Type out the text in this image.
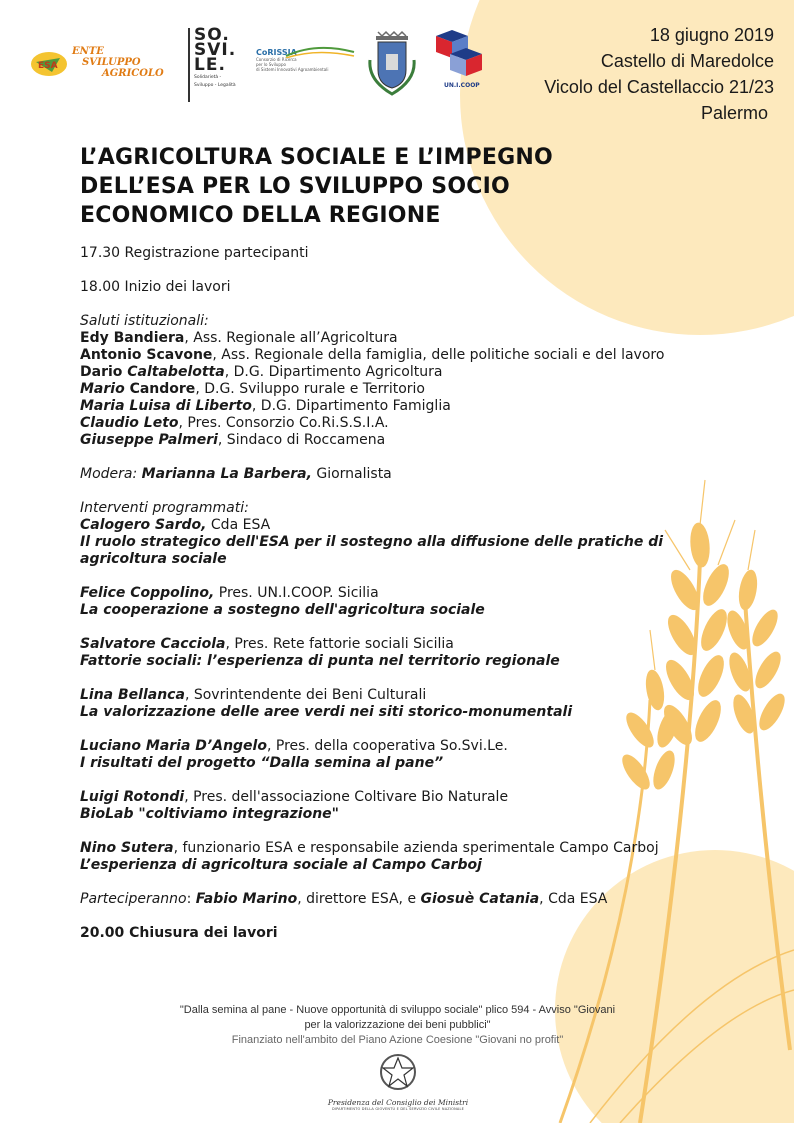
ESA
ENTE
SVILUPPO
AGRICOLO
SO.
SVI.
LE.
Solidarietà -
Sviluppo - Legalità
CoRISSIA
Consorzio di Ricerca
per lo Sviluppo
di Sistemi Innovativi Agroambientali
UN.I.COOP
18 giugno 2019
Castello di Maredolce
Vicolo del Castellaccio 21/23
Palermo
L’AGRICOLTURA SOCIALE E L’IMPEGNO DELL’ESA PER LO SVILUPPO SOCIO ECONOMICO DELLA REGIONE

17.30 Registrazione partecipanti

18.00 Inizio dei lavori

Saluti istituzionali:

Edy Bandiera, Ass. Regionale all’Agricoltura

Antonio Scavone, Ass. Regionale della famiglia, delle politiche sociali e del lavoro

Dario Caltabelotta, D.G. Dipartimento Agricoltura

Mario Candore, D.G. Sviluppo rurale e Territorio

Maria Luisa di Liberto, D.G. Dipartimento Famiglia

Claudio Leto, Pres. Consorzio Co.Ri.S.S.I.A.

Giuseppe Palmeri, Sindaco di Roccamena

Modera: Marianna La Barbera, Giornalista

Interventi programmati:

Calogero Sardo, Cda ESA

Il ruolo strategico dell'ESA per il sostegno alla diffusione delle pratiche di agricoltura sociale

Felice Coppolino, Pres. UN.I.COOP. Sicilia

La cooperazione a sostegno dell'agricoltura sociale

Salvatore Cacciola, Pres. Rete fattorie sociali Sicilia

Fattorie sociali: l’esperienza di punta nel territorio regionale

Lina Bellanca, Sovrintendente dei Beni Culturali

La valorizzazione delle aree verdi nei siti storico-monumentali

Luciano Maria D’Angelo, Pres. della cooperativa So.Svi.Le.

I risultati del progetto “Dalla semina al pane”

Luigi Rotondi, Pres. dell'associazione Coltivare Bio Naturale

BioLab "coltiviamo integrazione"

Nino Sutera, funzionario ESA e responsabile azienda sperimentale Campo Carboj

L’esperienza di agricoltura sociale al Campo Carboj

Parteciperanno: Fabio Marino, direttore ESA, e Giosuè Catania, Cda ESA

20.00 Chiusura dei lavori

"Dalla semina al pane - Nuove opportunità di sviluppo sociale" plico 594 - Avviso "Giovani
per la valorizzazione dei beni pubblici"
Finanziato nell'ambito del Piano Azione Coesione "Giovani no profit"
Presidenza del Consiglio dei Ministri
DIPARTIMENTO DELLA GIOVENTÙ E DEL SERVIZIO CIVILE NAZIONALE
